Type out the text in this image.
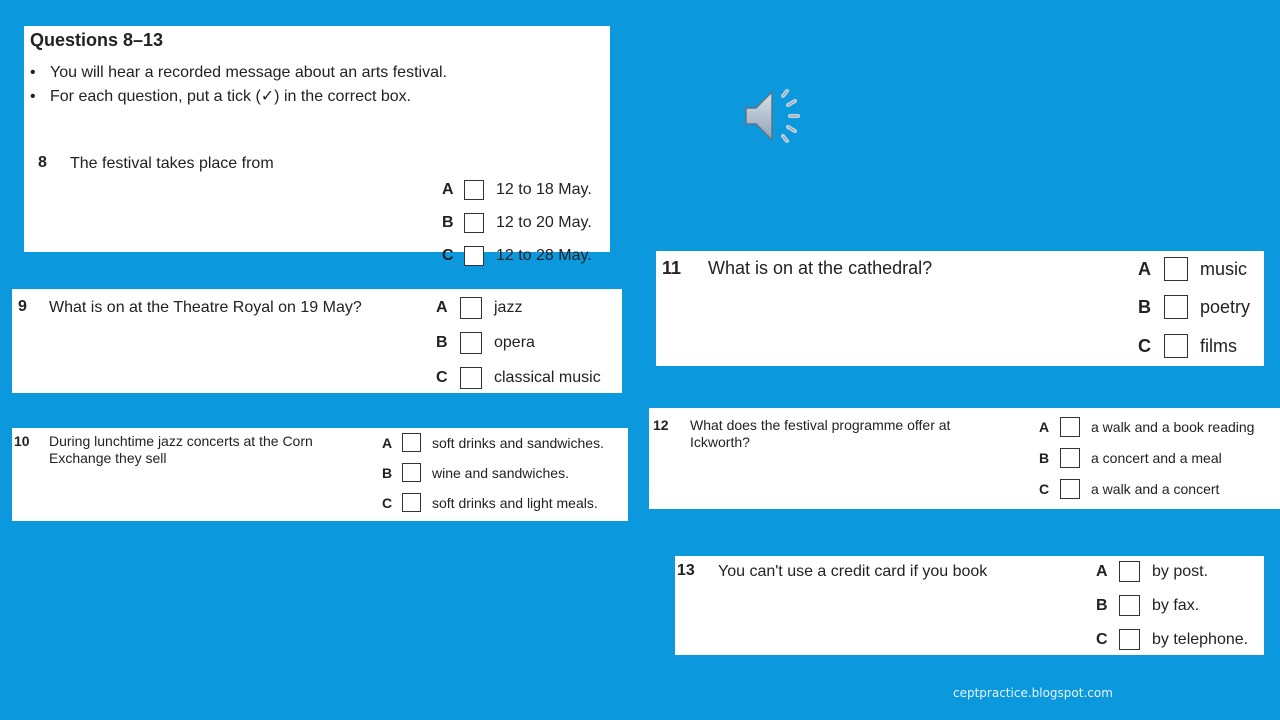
Questions 8–13
• You will hear a recorded message about an arts festival.
• For each question, put a tick (✓) in the correct box.
8 The festival takes place from
A	12 to 18 May.
B	12 to 20 May.
C	12 to 28 May.
9 What is on at the Theatre Royal on 19 May?	A	jazz
B	opera
C	classical music
10 During lunchtime jazz concerts at the Corn Exchange they sell
A	soft drinks and sandwiches.
B	wine and sandwiches.
C	soft drinks and light meals.
11 What is on at the cathedral?	A	music
B	poetry
C	films
12 What does the festival programme offer at Ickworth?
A	a walk and a book reading
B	a concert and a meal
C	a walk and a concert
13 You can't use a credit card if you book	A	by post.
B	by fax.
C	by telephone.
ceptpractice.blogspot.com
